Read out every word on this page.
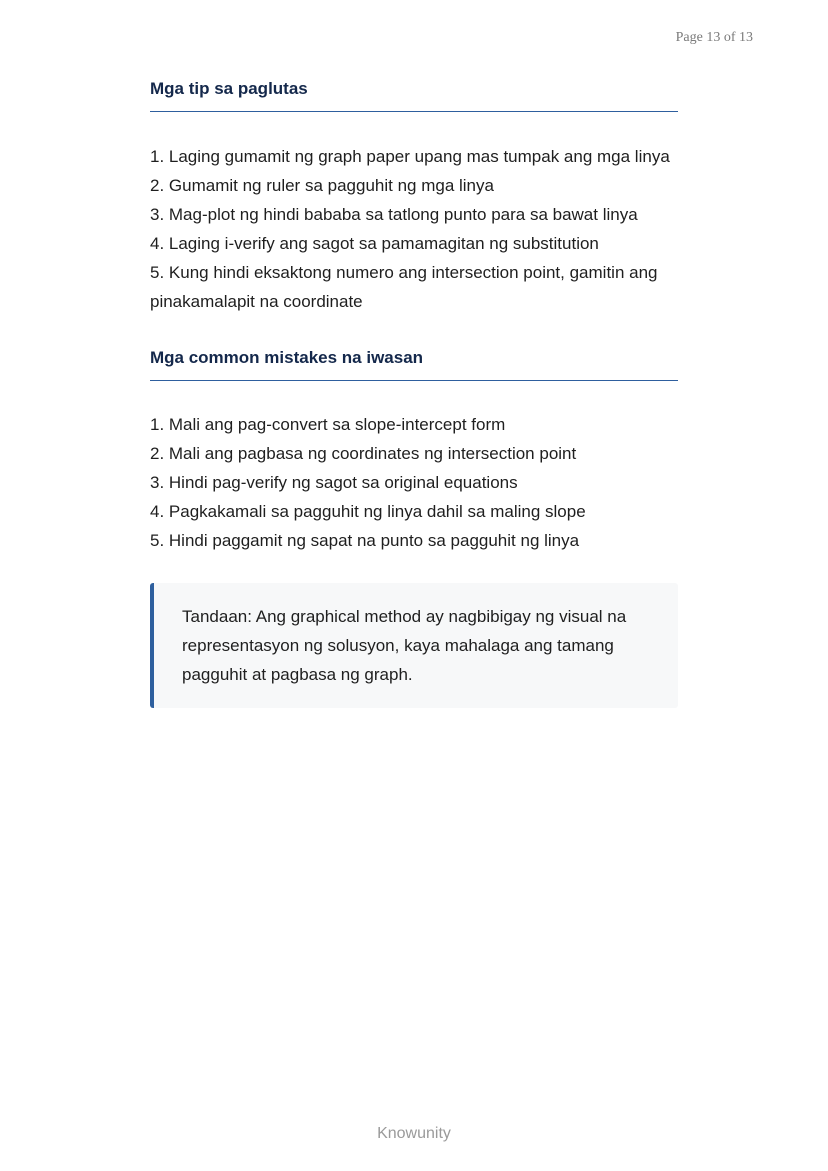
Page 13 of 13
Mga tip sa paglutas
1. Laging gumamit ng graph paper upang mas tumpak ang mga linya
2. Gumamit ng ruler sa pagguhit ng mga linya
3. Mag-plot ng hindi bababa sa tatlong punto para sa bawat linya
4. Laging i-verify ang sagot sa pamamagitan ng substitution
5. Kung hindi eksaktong numero ang intersection point, gamitin ang pinakamalapit na coordinate
Mga common mistakes na iwasan
1. Mali ang pag-convert sa slope-intercept form
2. Mali ang pagbasa ng coordinates ng intersection point
3. Hindi pag-verify ng sagot sa original equations
4. Pagkakamali sa pagguhit ng linya dahil sa maling slope
5. Hindi paggamit ng sapat na punto sa pagguhit ng linya
Tandaan: Ang graphical method ay nagbibigay ng visual na representasyon ng solusyon, kaya mahalaga ang tamang pagguhit at pagbasa ng graph.
Knowunity
